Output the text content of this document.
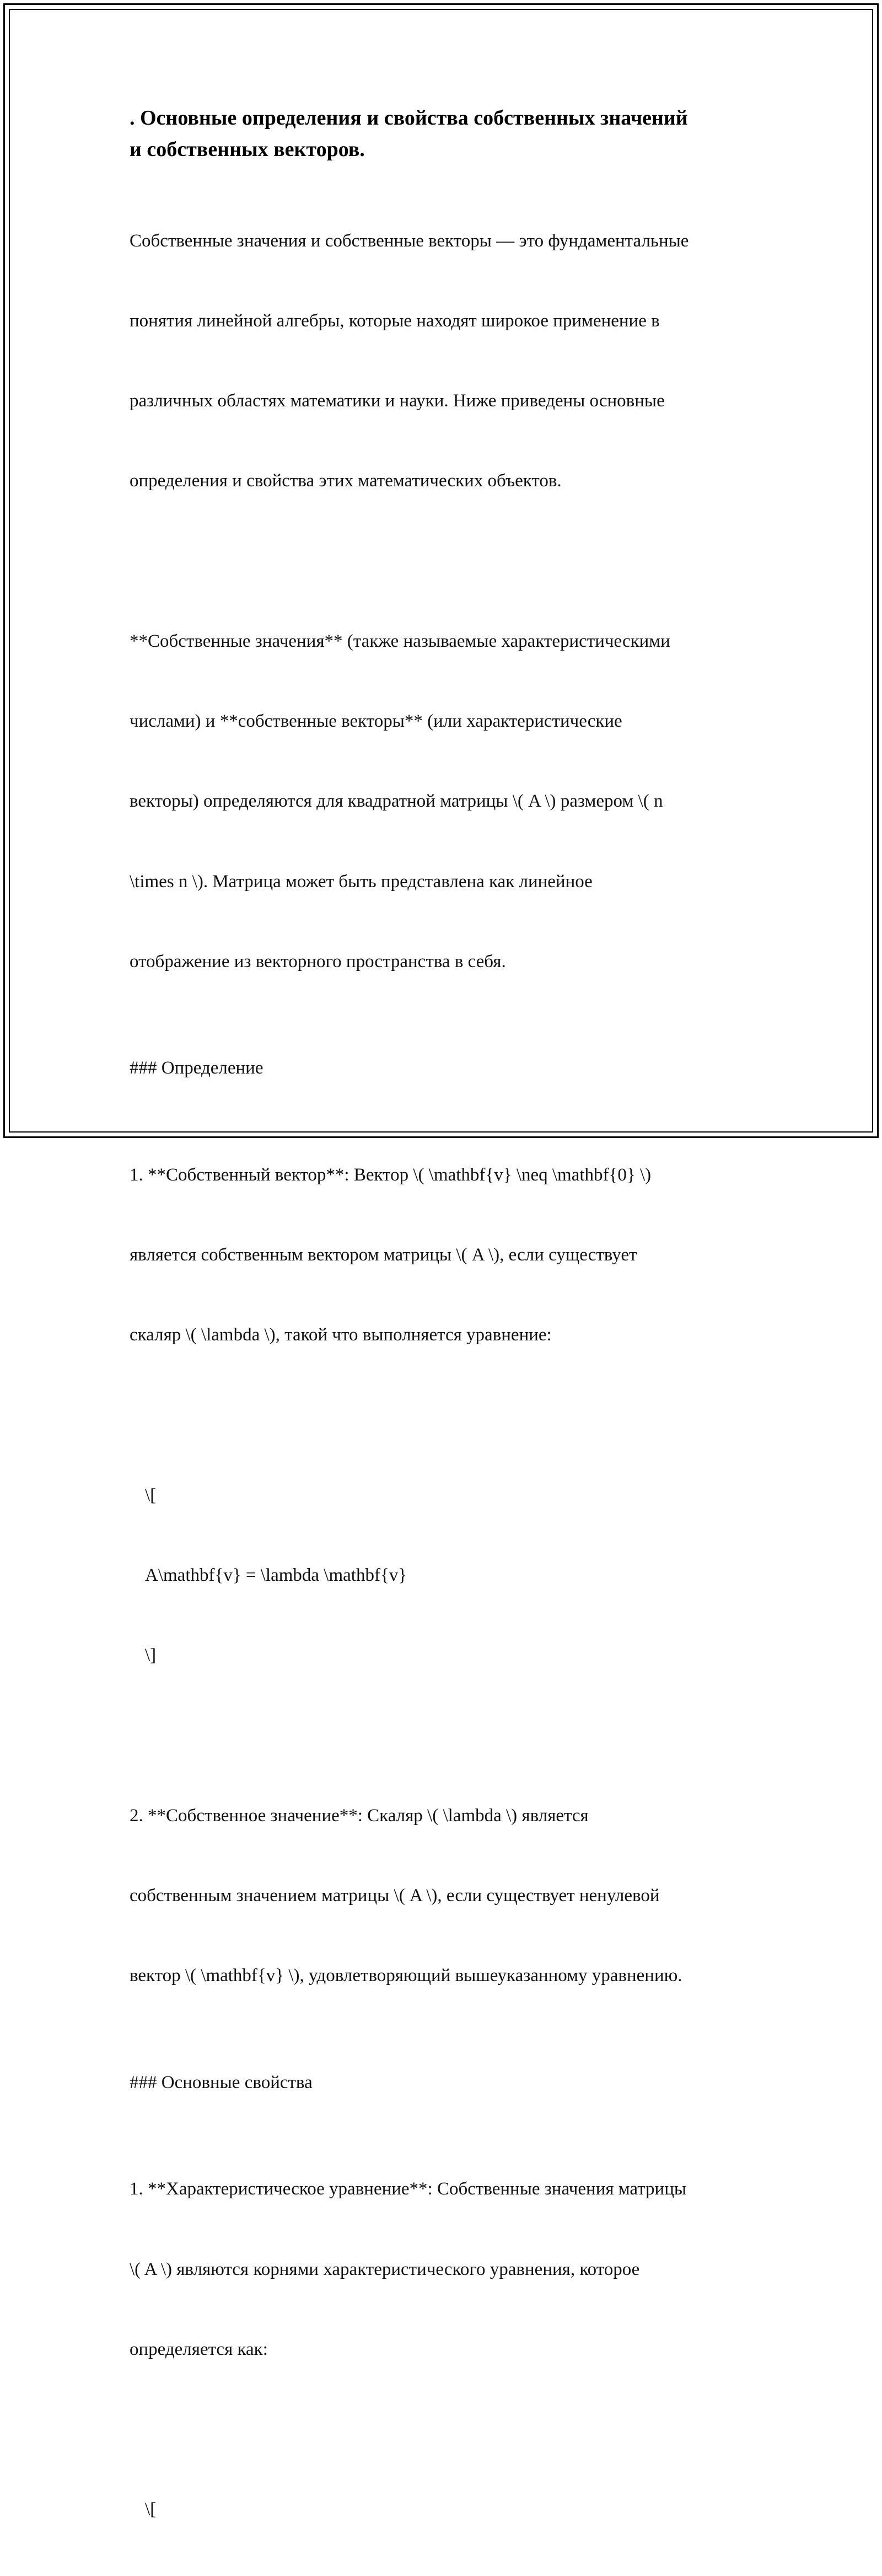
. Основные определения и свойства собственных значений
и собственных векторов.

Собственные значения и собственные векторы — это фундаментальные

понятия линейной алгебры, которые находят широкое применение в

различных областях математики и науки. Ниже приведены основные

определения и свойства этих математических объектов.

**Собственные значения** (также называемые характеристическими

числами) и **собственные векторы** (или характеристические

векторы) определяются для квадратной матрицы \( A \) размером \( n

\times n \). Матрица может быть представлена как линейное

отображение из векторного пространства в себя.

### Определение

1. **Собственный вектор**: Вектор \( \mathbf{v} \neq \mathbf{0} \)

является собственным вектором матрицы \( A \), если существует

скаляр \( \lambda \), такой что выполняется уравнение:

\[

A\mathbf{v} = \lambda \mathbf{v}

\]

2. **Собственное значение**: Скаляр \( \lambda \) является

собственным значением матрицы \( A \), если существует ненулевой

вектор \( \mathbf{v} \), удовлетворяющий вышеуказанному уравнению.

### Основные свойства

1. **Характеристическое уравнение**: Собственные значения матрицы

\( A \) являются корнями характеристического уравнения, которое

определяется как:

\[
